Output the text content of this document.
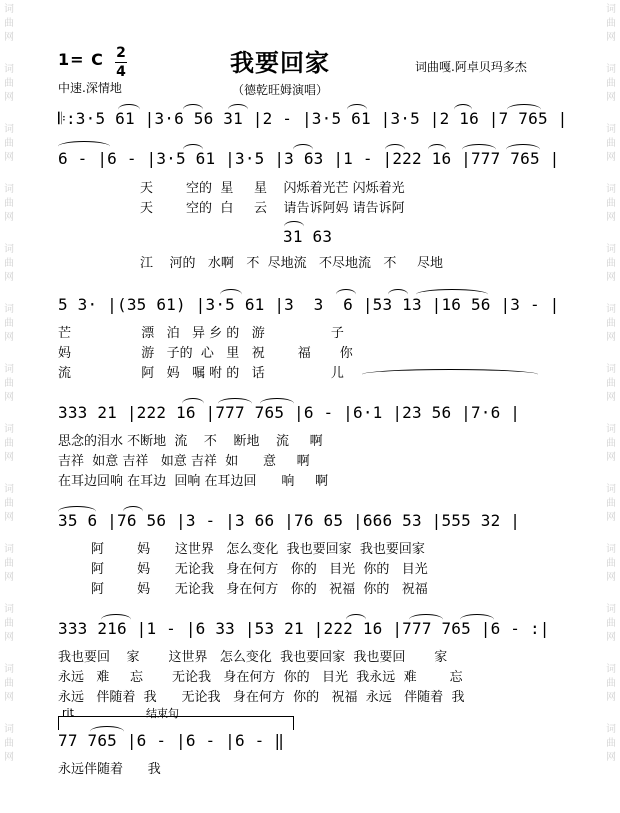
词
曲
网
词
曲
网
词
曲
网
词
曲
网
词
曲
网
词
曲
网
词
曲
网
词
曲
网
词
曲
网
词
曲
网
词
曲
网
词
曲
网
词
曲
网
词
曲
网
词
曲
网
词
曲
网
词
曲
网
词
曲
网
词
曲
网
词
曲
网
词
曲
网
词
曲
网
词
曲
网
词
曲
网
词
曲
网
词
曲
网
1= C 2
4	我要回家	词曲嘎.阿卓贝玛多杰
中速.深情地	（德乾旺姆演唱）
𝄆:3·5 61 |3·6 56 31 |2 - |3·5 61 |3·5 |2 16 |7 765 |
6 - |6 - |3·5 61 |3·5 |3 63 |1 - |222 16 |777 765 |
天        空的  星     星    闪烁着光芒 闪烁着光
天        空的  白     云    请告诉阿妈 请告诉阿
31 63
江    河的   水啊   不  尽地流   不尽地流   不     尽地
5 3· |(35 61) |3·5 61 |3  3  6 |53 13 |16 56 |3 - |
芒                 漂   泊   异 乡 的   游                子
妈                 游   子的  心   里   祝        福       你
流                 阿   妈   嘱 咐 的   话                儿
333 21 |222 16 |777 765 |6 - |6·1 |23 56 |7·6 |
思念的泪水 不断地  流    不    断地    流     啊
吉祥  如意 吉祥   如意 吉祥  如      意     啊
在耳边回响 在耳边  回响 在耳边回      响     啊
35 6 |76 56 |3 - |3 66 |76 65 |666 53 |555 32 |
阿        妈      这世界   怎么变化  我也要回家  我也要回家
阿        妈      无论我   身在何方   你的   目光  你的   目光
阿        妈      无论我   身在何方   你的   祝福  你的   祝福
333 216 |1 - |6 33 |53 21 |222 16 |777 765 |6 - :|
我也要回    家       这世界   怎么变化  我也要回家  我也要回       家
永远   难     忘       无论我   身在何方  你的   目光  我永远  难        忘
永远   伴随着  我      无论我   身在何方  你的   祝福  永远   伴随着  我
rit	结束句
77 765 |6 - |6 - |6 - ‖
永远伴随着      我
